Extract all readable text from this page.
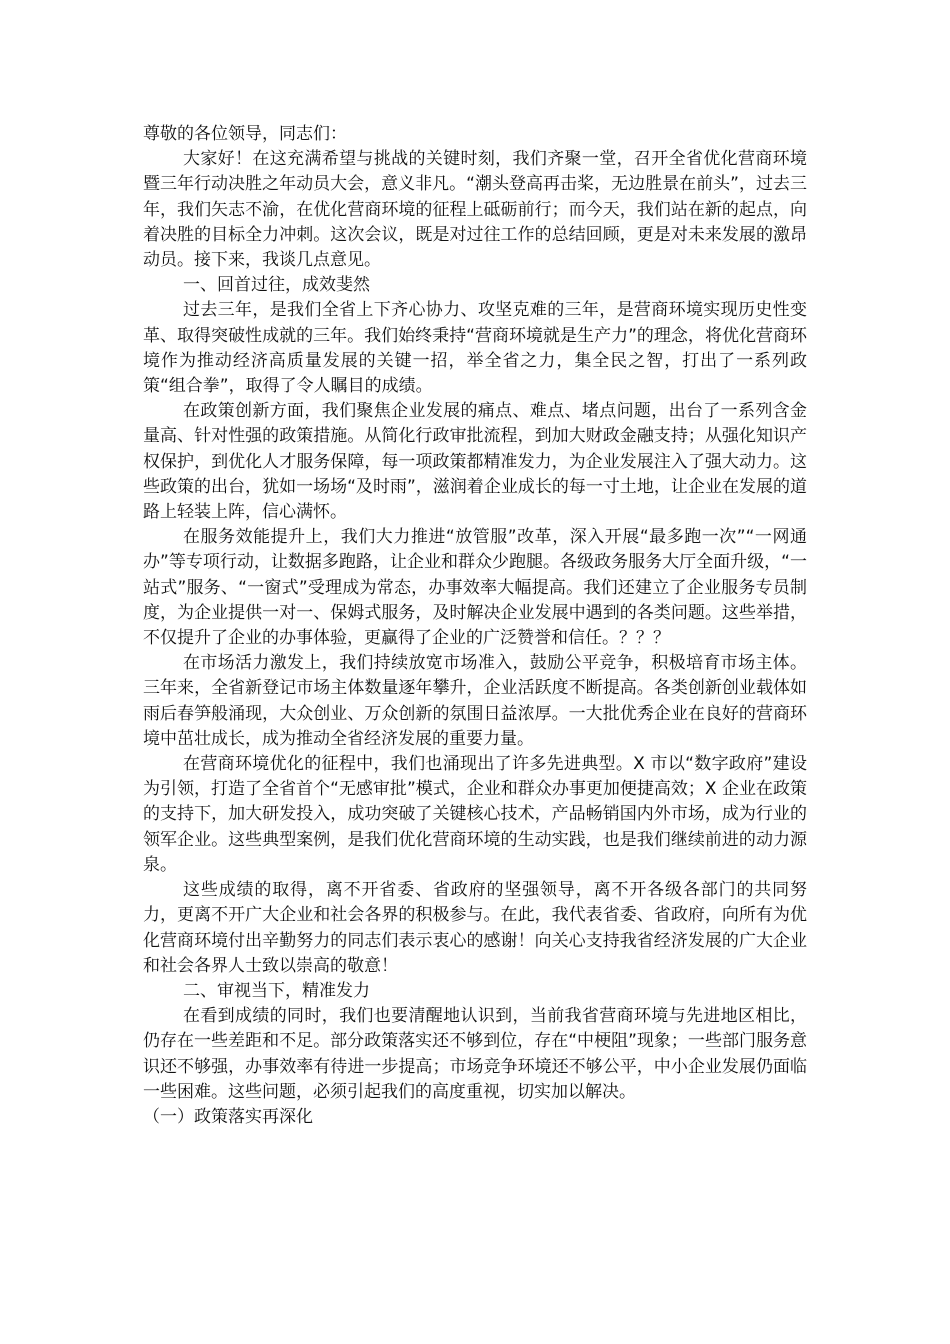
尊敬的各位领导，同志们：

大家好！在这充满希望与挑战的关键时刻，我们齐聚一堂，召开全省优化营商环境暨三年行动决胜之年动员大会，意义非凡。“潮头登高再击桨，无边胜景在前头”，过去三年，我们矢志不渝，在优化营商环境的征程上砥砺前行；而今天，我们站在新的起点，向着决胜的目标全力冲刺。这次会议，既是对过往工作的总结回顾，更是对未来发展的激昂动员。接下来，我谈几点意见。

一、回首过往，成效斐然

过去三年，是我们全省上下齐心协力、攻坚克难的三年，是营商环境实现历史性变革、取得突破性成就的三年。我们始终秉持“营商环境就是生产力”的理念，将优化营商环境作为推动经济高质量发展的关键一招，举全省之力，集全民之智，打出了一系列政策“组合拳”，取得了令人瞩目的成绩。

在政策创新方面，我们聚焦企业发展的痛点、难点、堵点问题，出台了一系列含金量高、针对性强的政策措施。从简化行政审批流程，到加大财政金融支持；从强化知识产权保护，到优化人才服务保障，每一项政策都精准发力，为企业发展注入了强大动力。这些政策的出台，犹如一场场“及时雨”，滋润着企业成长的每一寸土地，让企业在发展的道路上轻装上阵，信心满怀。

在服务效能提升上，我们大力推进“放管服”改革，深入开展“最多跑一次”“一网通办”等专项行动，让数据多跑路，让企业和群众少跑腿。各级政务服务大厅全面升级，“一站式”服务、“一窗式”受理成为常态，办事效率大幅提高。我们还建立了企业服务专员制度，为企业提供一对一、保姆式服务，及时解决企业发展中遇到的各类问题。这些举措，不仅提升了企业的办事体验，更赢得了企业的广泛赞誉和信任。？？？

在市场活力激发上，我们持续放宽市场准入，鼓励公平竞争，积极培育市场主体。三年来，全省新登记市场主体数量逐年攀升，企业活跃度不断提高。各类创新创业载体如雨后春笋般涌现，大众创业、万众创新的氛围日益浓厚。一大批优秀企业在良好的营商环境中茁壮成长，成为推动全省经济发展的重要力量。

在营商环境优化的征程中，我们也涌现出了许多先进典型。X 市以“数字政府”建设为引领，打造了全省首个“无感审批”模式，企业和群众办事更加便捷高效；X 企业在政策的支持下，加大研发投入，成功突破了关键核心技术，产品畅销国内外市场，成为行业的领军企业。这些典型案例，是我们优化营商环境的生动实践，也是我们继续前进的动力源泉。

这些成绩的取得，离不开省委、省政府的坚强领导，离不开各级各部门的共同努力，更离不开广大企业和社会各界的积极参与。在此，我代表省委、省政府，向所有为优化营商环境付出辛勤努力的同志们表示衷心的感谢！向关心支持我省经济发展的广大企业和社会各界人士致以崇高的敬意！

二、审视当下，精准发力

在看到成绩的同时，我们也要清醒地认识到，当前我省营商环境与先进地区相比，仍存在一些差距和不足。部分政策落实还不够到位，存在“中梗阻”现象；一些部门服务意识还不够强，办事效率有待进一步提高；市场竞争环境还不够公平，中小企业发展仍面临一些困难。这些问题，必须引起我们的高度重视，切实加以解决。

（一）政策落实再深化
